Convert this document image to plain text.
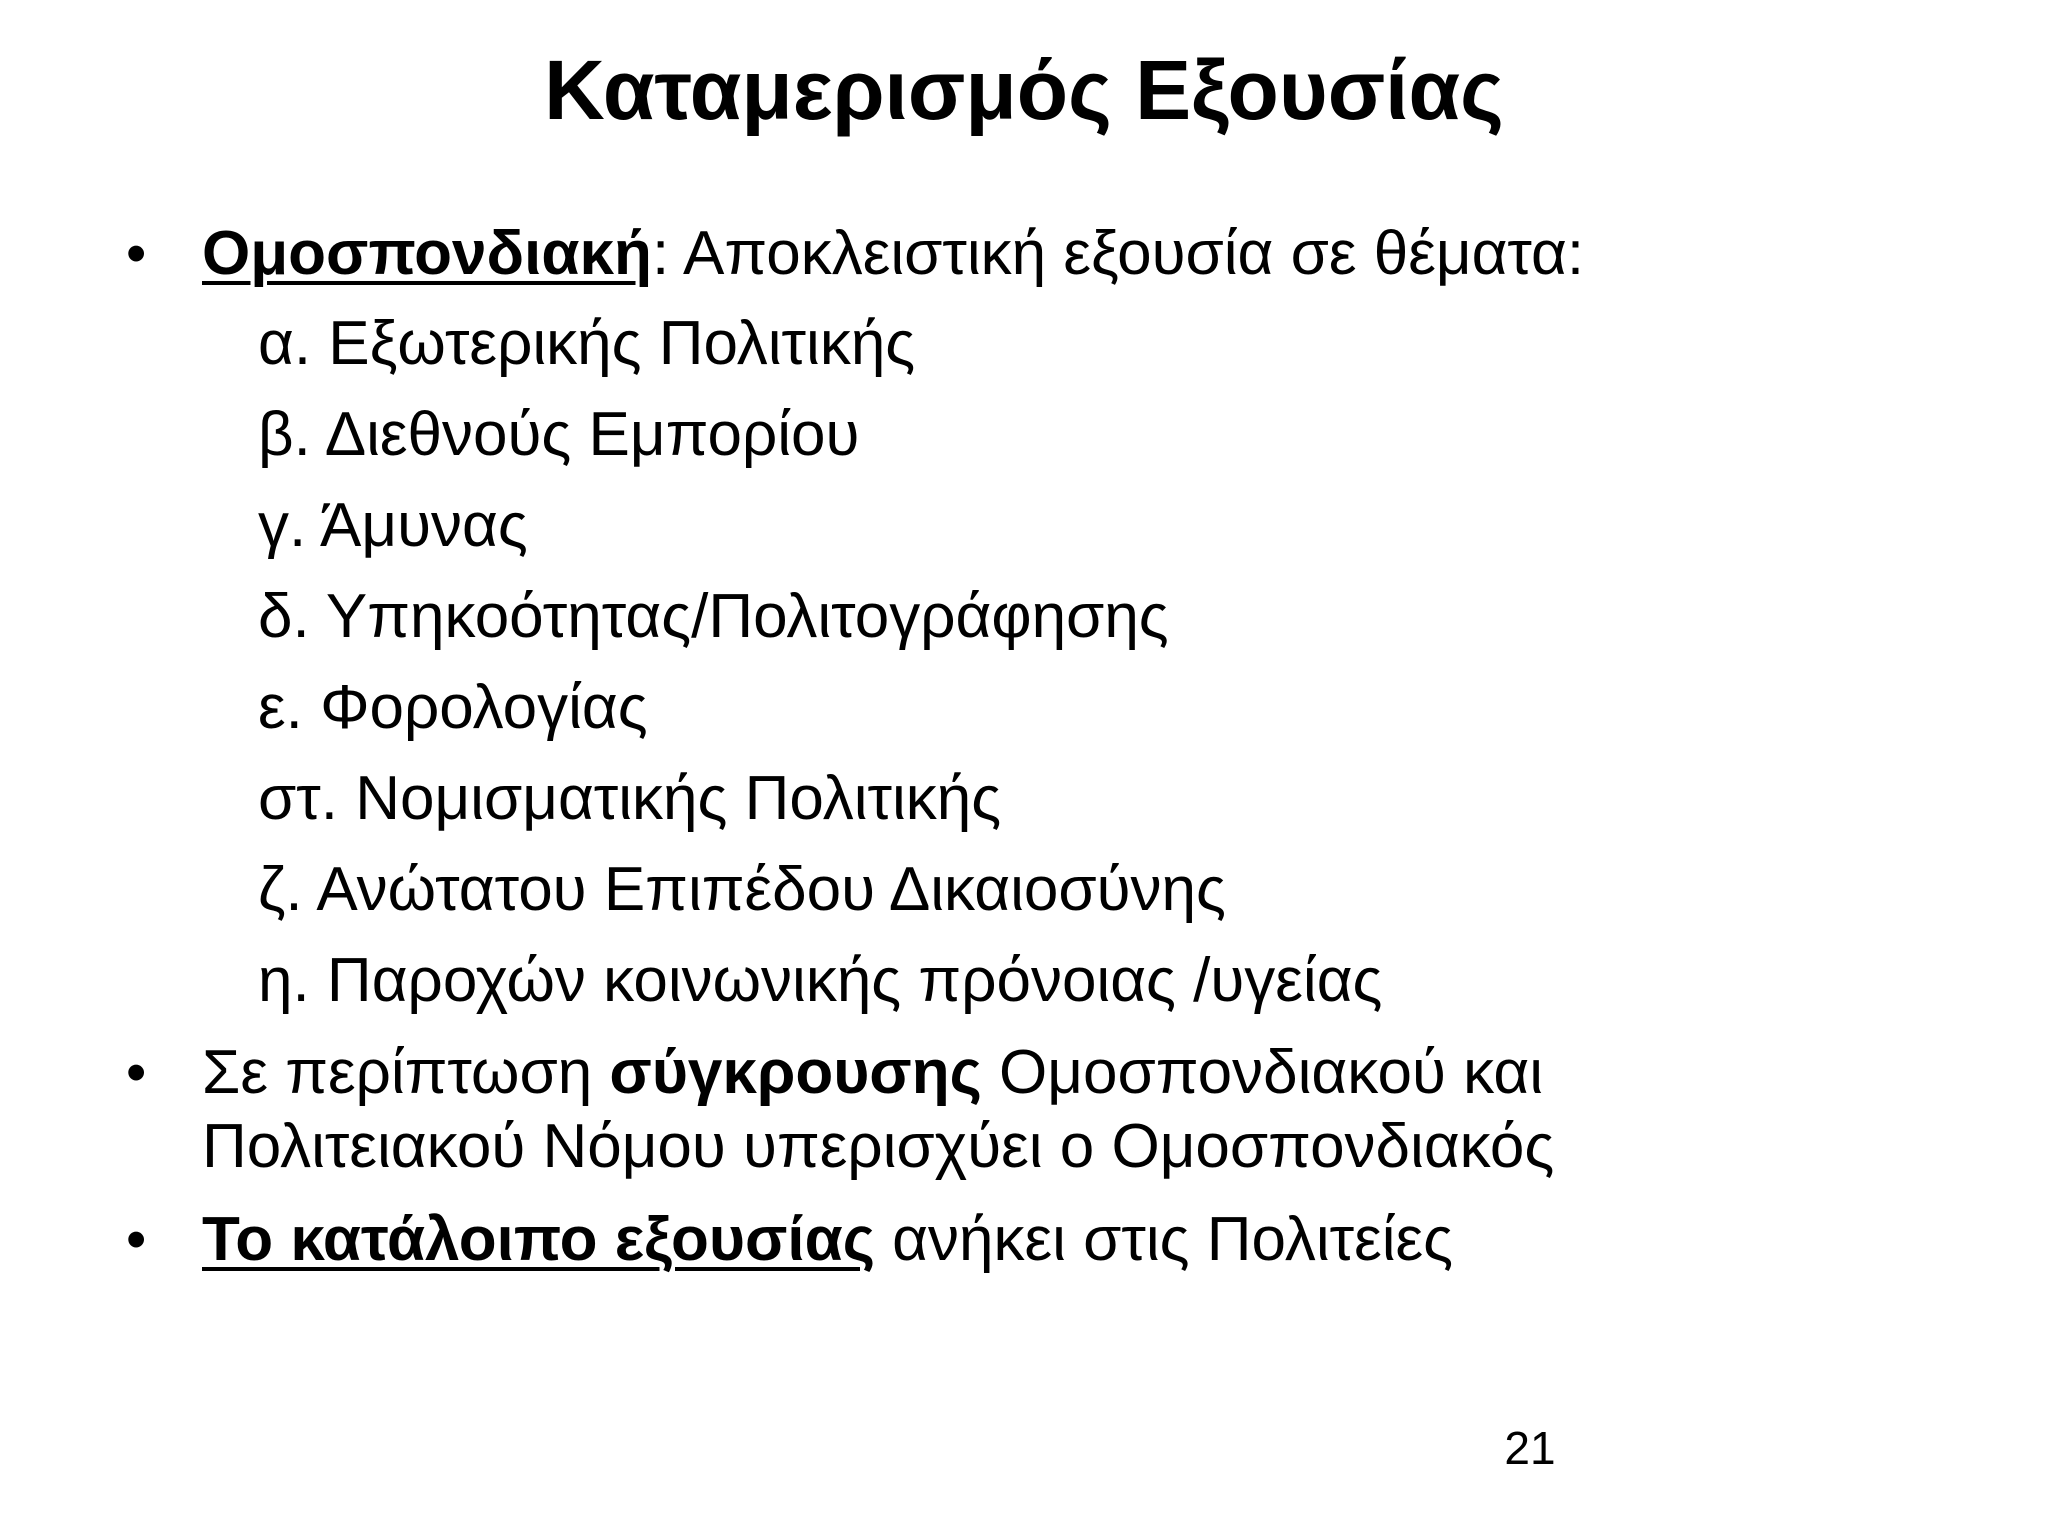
Καταμερισμός Εξουσίας
• Ομοσπονδιακή: Αποκλειστική εξουσία σε θέματα:
α. Εξωτερικής Πολιτικής
β. Διεθνούς Εμπορίου
γ. Άμυνας
δ. Υπηκοότητας/Πολιτογράφησης
ε. Φορολογίας
στ. Νομισματικής Πολιτικής
ζ. Ανώτατου Επιπέδου Δικαιοσύνης
η. Παροχών κοινωνικής πρόνοιας /υγείας
• Σε περίπτωση σύγκρουσης Ομοσπονδιακού και
Πολιτειακού Νόμου υπερισχύει ο Ομοσπονδιακός
• Το κατάλοιπο εξουσίας ανήκει στις Πολιτείες
21
